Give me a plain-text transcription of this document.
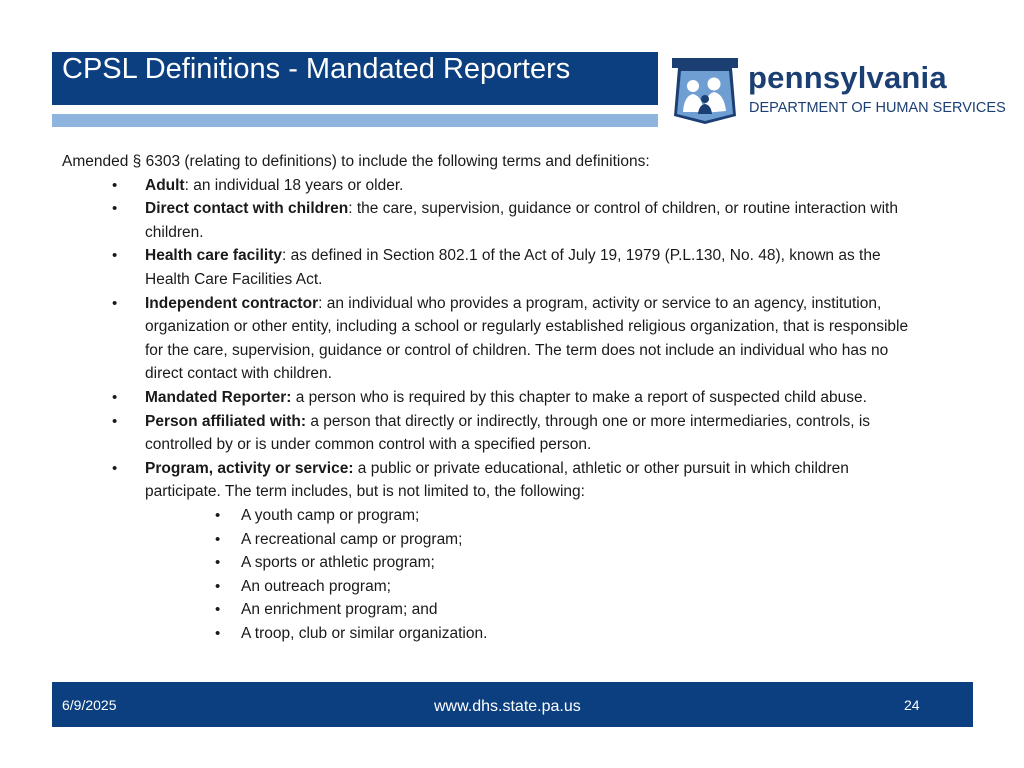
CPSL Definitions - Mandated Reporters	pennsylvania
DEPARTMENT OF HUMAN SERVICES

Amended § 6303 (relating to definitions) to include the following terms and definitions:

• Adult: an individual 18 years or older.
• Direct contact with children: the care, supervision, guidance or control of children, or routine interaction with children.
• Health care facility: as defined in Section 802.1 of the Act of July 19, 1979 (P.L.130, No. 48), known as the Health Care Facilities Act.
• Independent contractor: an individual who provides a program, activity or service to an agency, institution, organization or other entity, including a school or regularly established religious organization, that is responsible for the care, supervision, guidance or control of children. The term does not include an individual who has no direct contact with children.
• Mandated Reporter: a person who is required by this chapter to make a report of suspected child abuse.
• Person affiliated with: a person that directly or indirectly, through one or more intermediaries, controls, is controlled by or is under common control with a specified person.
• Program, activity or service: a public or private educational, athletic or other pursuit in which children participate. The term includes, but is not limited to, the following:
• A youth camp or program;
• A recreational camp or program;
• A sports or athletic program;
• An outreach program;
• An enrichment program; and
• A troop, club or similar organization.
6/9/2025	www.dhs.state.pa.us	24
